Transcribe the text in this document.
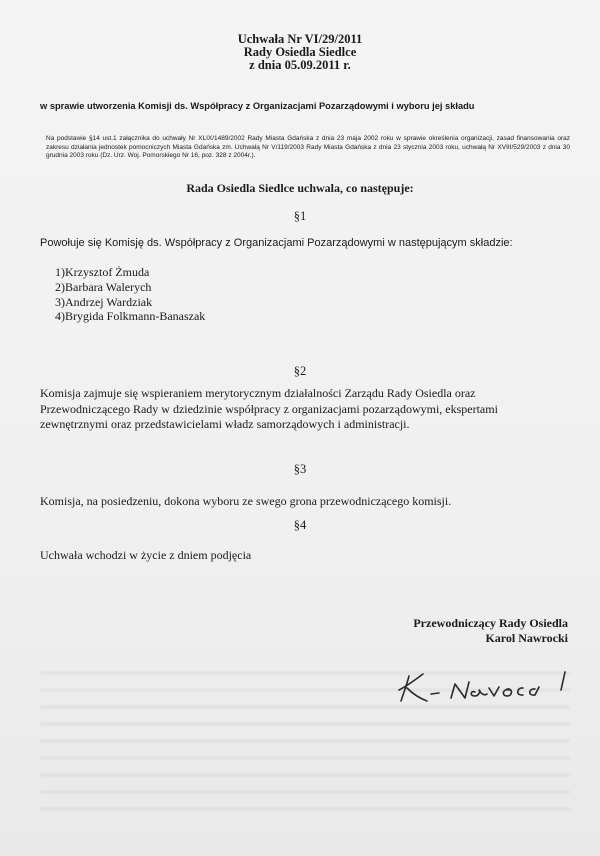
Uchwała Nr VI/29/2011
Rady Osiedla Siedlce
z dnia 05.09.2011 r.
w sprawie utworzenia Komisji ds. Współpracy z Organizacjami Pozarządowymi i wyboru jej składu
Na podstawie §14 ust.1 załącznika do uchwały Nr XLIX/1489/2002 Rady Miasta Gdańska z dnia 23 maja 2002 roku w sprawie określenia organizacji, zasad finansowania oraz zakresu działania jednostek pomocniczych Miasta Gdańska zm. Uchwałą Nr V/119/2003 Rady Miasta Gdańska z dnia 23 stycznia 2003 roku, uchwałą Nr XVIII/529/2003 z dnia 30 grudnia 2003 roku (Dz. Urz. Woj. Pomorskiego Nr 16, poz. 328 z 2004r.).
Rada Osiedla Siedlce uchwala, co następuje:
§1
Powołuje się Komisję ds. Współpracy z Organizacjami Pozarządowymi w następującym składzie:
1)Krzysztof Żmuda
2)Barbara Walerych
3)Andrzej Wardziak
4)Brygida Folkmann-Banaszak
§2
Komisja zajmuje się wspieraniem merytorycznym działalności Zarządu Rady Osiedla oraz Przewodniczącego Rady w dziedzinie współpracy z organizacjami pozarządowymi, ekspertami zewnętrznymi oraz przedstawicielami władz samorządowych i administracji.
§3
Komisja, na posiedzeniu, dokona wyboru ze swego grona przewodniczącego komisji.
§4
Uchwała wchodzi w życie z dniem podjęcia
Przewodniczący Rady Osiedla
Karol Nawrocki
